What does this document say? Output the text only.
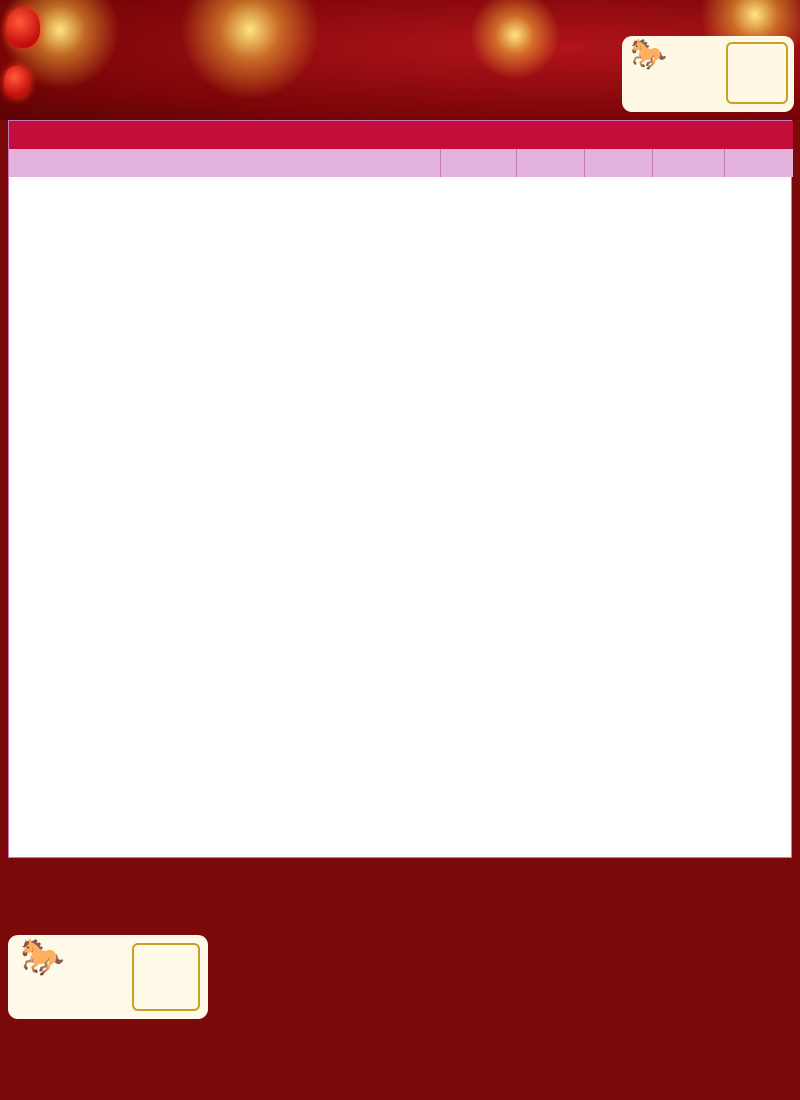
🐎
🐎
